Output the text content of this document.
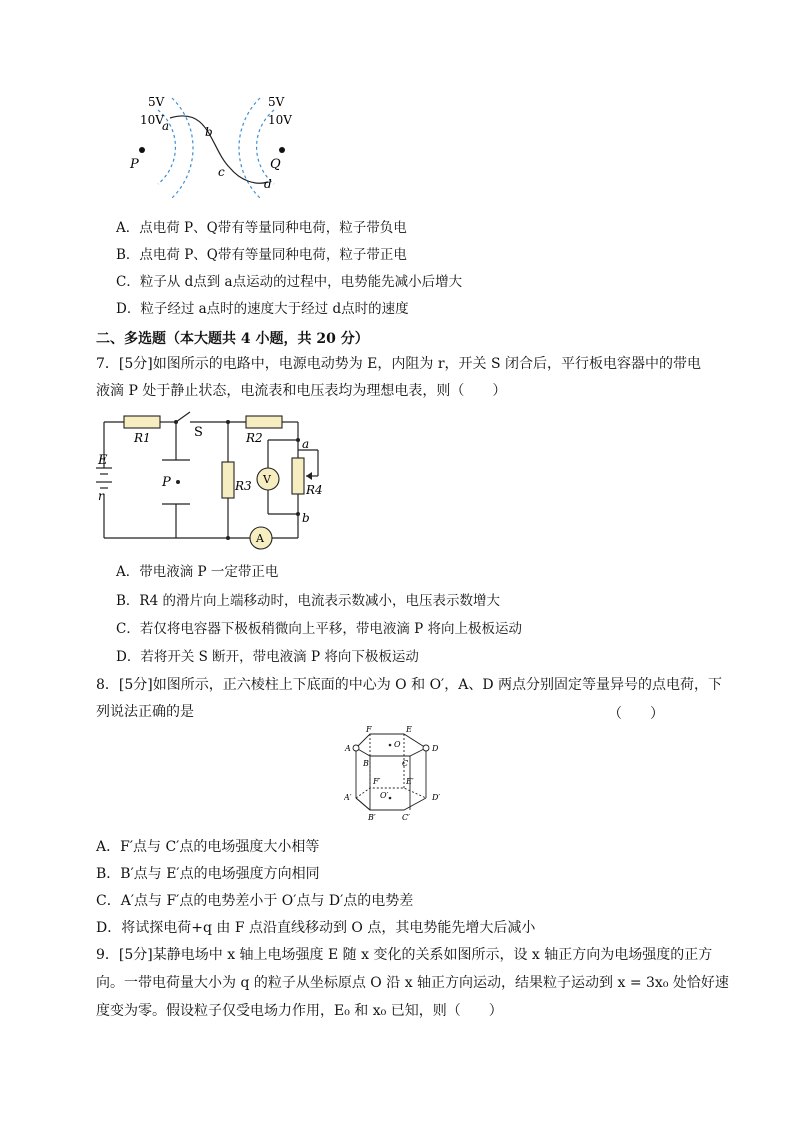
5V
10V
5V
10V
a	b
c
d
P	Q
A．点电荷 P、Q带有等量同种电荷，粒子带负电
B．点电荷 P、Q带有等量同种电荷，粒子带正电
C．粒子从 d点到 a点运动的过程中，电势能先减小后增大
D．粒子经过 a点时的速度大于经过 d点时的速度
二、多选题（本大题共 4 小题，共 20 分）
7．[5分]如图所示的电路中，电源电动势为 E，内阻为 r，开关 S 闭合后，平行板电容器中的带电
液滴 P 处于静止状态，电流表和电压表均为理想电表，则（　　）
R1	R2
R3	R4
S
E
r
P	V
A
a
b
A．带电液滴 P 一定带正电
B．R4 的滑片向上端移动时，电流表示数减小，电压表示数增大
C．若仅将电容器下极板稍微向上平移，带电液滴 P 将向上极板运动
D．若将开关 S 断开，带电液滴 P 将向下极板运动
8．[5分]如图所示，正六棱柱上下底面的中心为 O 和 O′，A、D 两点分别固定等量异号的点电荷，下
列说法正确的是	（　　）
A
F	E
D
O
B	C
F′	E′
A′	O′	D′
B′	C′
A．F′点与 C′点的电场强度大小相等
B．B′点与 E′点的电场强度方向相同
C．A′点与 F′点的电势差小于 O′点与 D′点的电势差
D．将试探电荷+q 由 F 点沿直线移动到 O 点，其电势能先增大后减小
9．[5分]某静电场中 x 轴上电场强度 E 随 x 变化的关系如图所示，设 x 轴正方向为电场强度的正方
向。一带电荷量大小为 q 的粒子从坐标原点 O 沿 x 轴正方向运动，结果粒子运动到 x = 3x₀ 处恰好速
度变为零。假设粒子仅受电场力作用，E₀ 和 x₀ 已知，则（　　）
